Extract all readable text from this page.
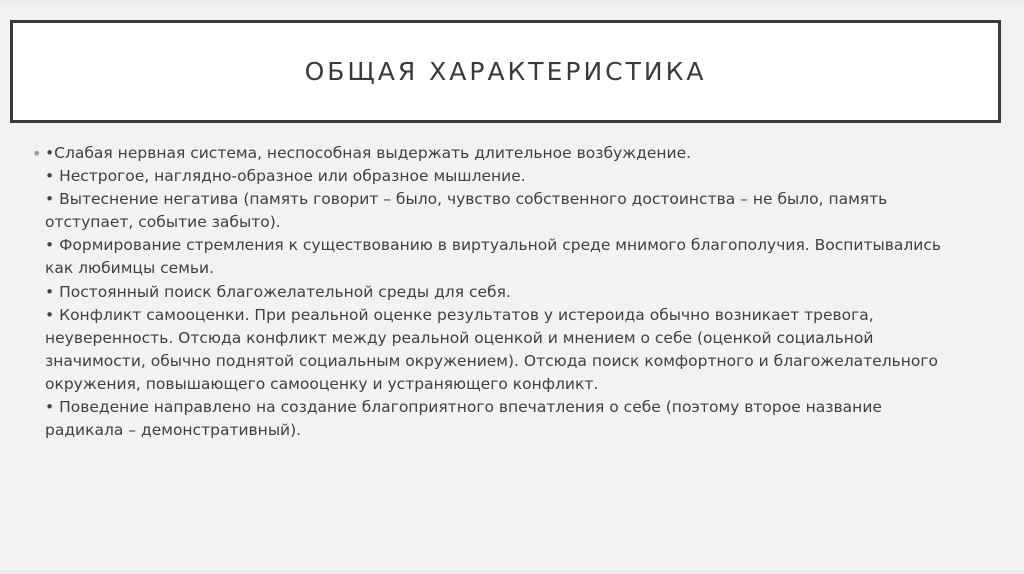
ОБЩАЯ ХАРАКТЕРИСТИКА
• •Слабая нервная система, неспособная выдержать длительное возбуждение.
• Нестрогое, наглядно-образное или образное мышление.
• Вытеснение негатива (память говорит – было, чувство собственного достоинства – не было, память
отступает, событие забыто).
• Формирование стремления к существованию в виртуальной среде мнимого благополучия. Воспитывались
как любимцы семьи.
• Постоянный поиск благожелательной среды для себя.
• Конфликт самооценки. При реальной оценке результатов у истероида обычно возникает тревога,
неуверенность. Отсюда конфликт между реальной оценкой и мнением о себе (оценкой социальной
значимости, обычно поднятой социальным окружением). Отсюда поиск комфортного и благожелательного
окружения, повышающего самооценку и устраняющего конфликт.
• Поведение направлено на создание благоприятного впечатления о себе (поэтому второе название
радикала – демонстративный).
